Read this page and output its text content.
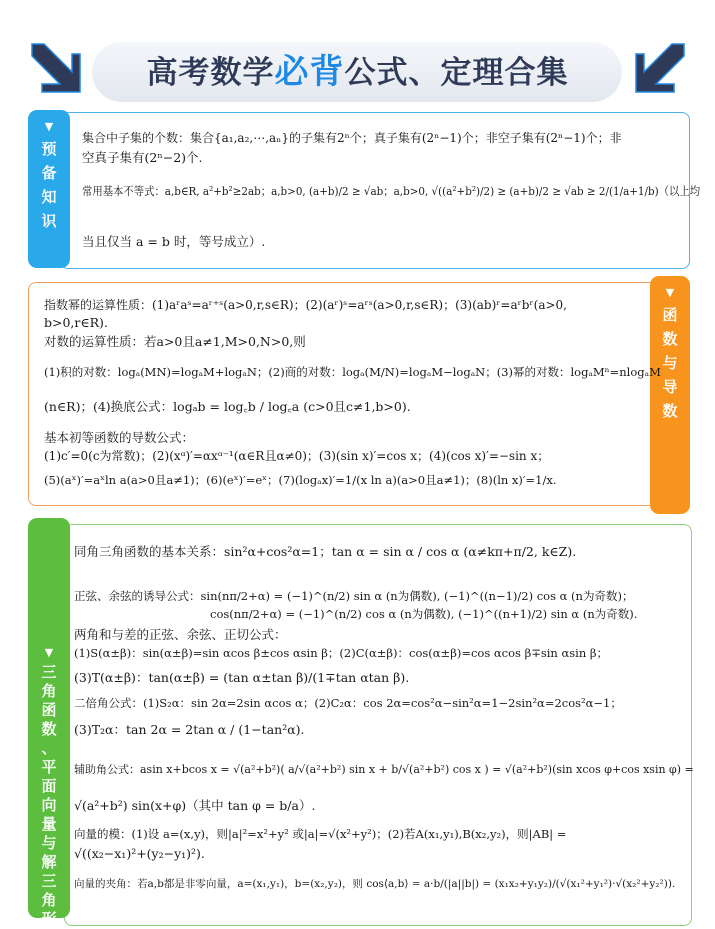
高考数学必背公式、定理合集
▼
预
备
知
识
集合中子集的个数：集合{a₁,a₂,⋯,aₙ}的子集有2ⁿ个；真子集有(2ⁿ−1)个；非空子集有(2ⁿ−1)个；非
空真子集有(2ⁿ−2)个.
常用基本不等式：a,b∈R, a²+b²≥2ab；a,b>0, (a+b)/2 ≥ √ab；a,b>0, √((a²+b²)/2) ≥ (a+b)/2 ≥ √ab ≥ 2/(1/a+1/b)（以上均
当且仅当 a = b 时，等号成立）.
▼
函
数
与
导
数
指数幂的运算性质：(1)aʳaˢ=aʳ⁺ˢ(a>0,r,s∈R)；(2)(aʳ)ˢ=aʳˢ(a>0,r,s∈R)；(3)(ab)ʳ=aʳbʳ(a>0,
b>0,r∈R).
对数的运算性质：若a>0且a≠1,M>0,N>0,则
(1)积的对数：logₐ(MN)=logₐM+logₐN；(2)商的对数：logₐ(M/N)=logₐM−logₐN；(3)幂的对数：logₐMⁿ=nlogₐM
(n∈R)；(4)换底公式：logₐb = log꜀b / log꜀a (c>0且c≠1,b>0).
基本初等函数的导数公式：
(1)c′=0(c为常数)；(2)(xᵅ)′=αxᵅ⁻¹(α∈R且α≠0)；(3)(sin x)′=cos x；(4)(cos x)′=−sin x；
(5)(aˣ)′=aˣln a(a>0且a≠1)；(6)(eˣ)′=eˣ；(7)(logₐx)′=1/(x ln a)(a>0且a≠1)；(8)(ln x)′=1/x.
▼
三
角
函
数
、
平
面
向
量
与
解
三
角
形
同角三角函数的基本关系：sin²α+cos²α=1；tan α = sin α / cos α (α≠kπ+π/2, k∈Z).
正弦、余弦的诱导公式：sin(nπ/2+α) = (−1)^(n/2) sin α (n为偶数), (−1)^((n−1)/2) cos α (n为奇数)；
cos(nπ/2+α) = (−1)^(n/2) cos α (n为偶数), (−1)^((n+1)/2) sin α (n为奇数).
两角和与差的正弦、余弦、正切公式：
(1)S(α±β)：sin(α±β)=sin αcos β±cos αsin β；(2)C(α±β)：cos(α±β)=cos αcos β∓sin αsin β；
(3)T(α±β)：tan(α±β) = (tan α±tan β)/(1∓tan αtan β).
二倍角公式：(1)S₂α：sin 2α=2sin αcos α；(2)C₂α：cos 2α=cos²α−sin²α=1−2sin²α=2cos²α−1；
(3)T₂α：tan 2α = 2tan α / (1−tan²α).
辅助角公式：asin x+bcos x = √(a²+b²)( a/√(a²+b²) sin x + b/√(a²+b²) cos x ) = √(a²+b²)(sin xcos φ+cos xsin φ) =
√(a²+b²) sin(x+φ)（其中 tan φ = b/a）.
向量的模：(1)设 a=(x,y)，则|a|²=x²+y² 或|a|=√(x²+y²)；(2)若A(x₁,y₁),B(x₂,y₂)，则|AB| =
√((x₂−x₁)²+(y₂−y₁)²).
向量的夹角：若a,b都是非零向量，a=(x₁,y₁)，b=(x₂,y₂)，则 cos⟨a,b⟩ = a·b/(|a||b|) = (x₁x₂+y₁y₂)/(√(x₁²+y₁²)·√(x₂²+y₂²)).
